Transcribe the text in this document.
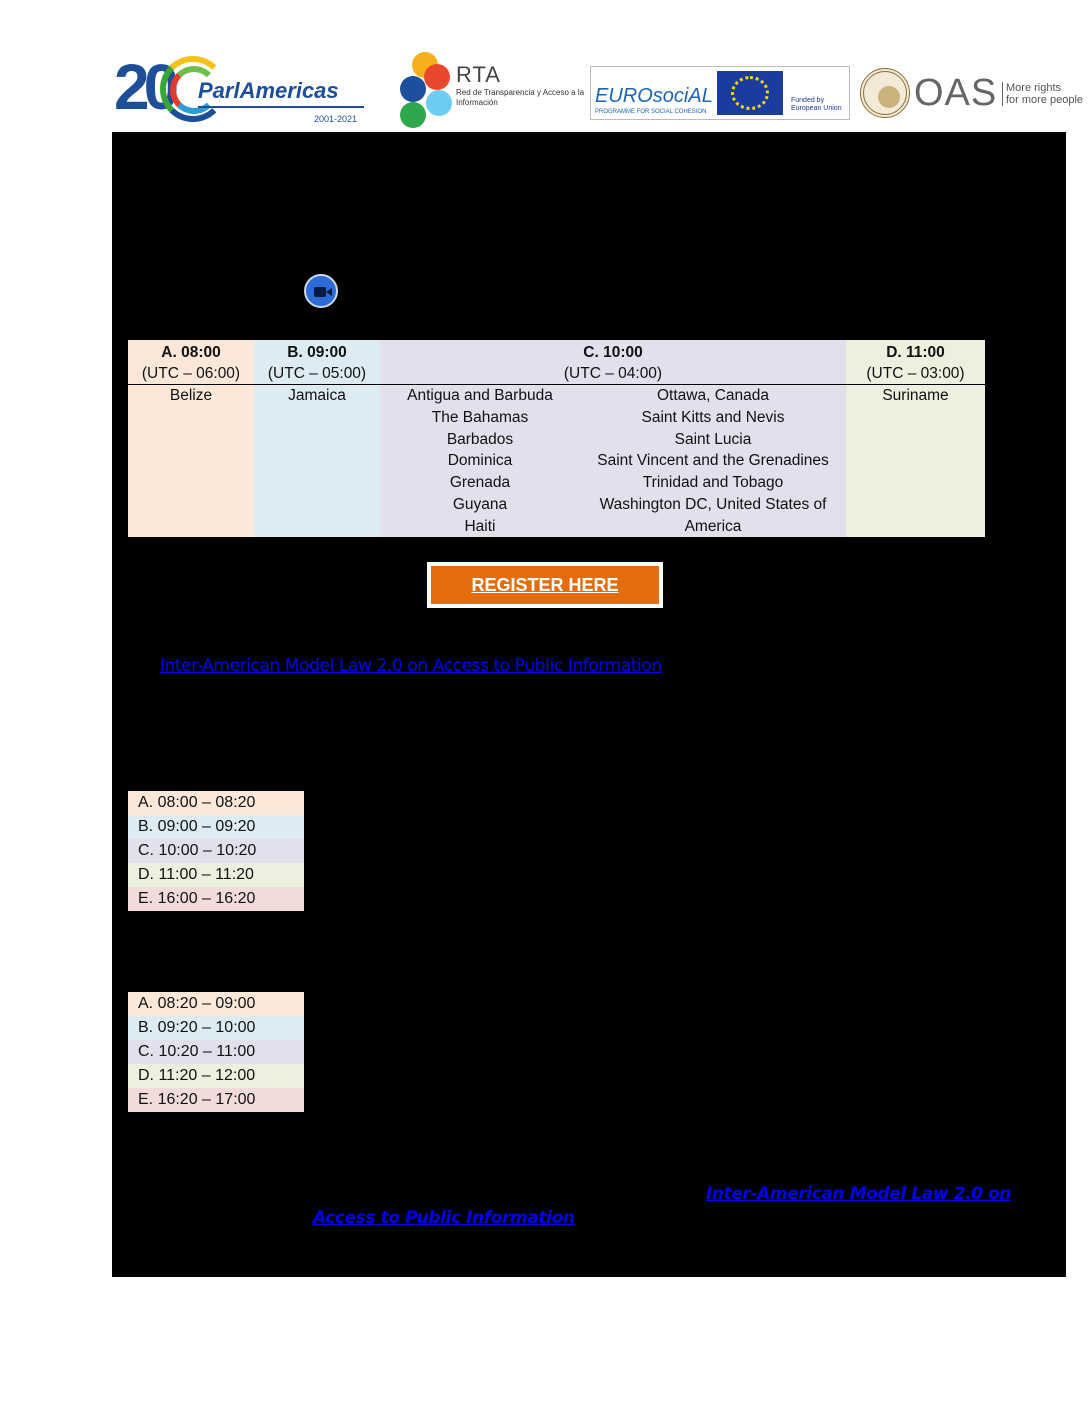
20 ParlAmericas
2001-2021
RTA
Red de Transparencia y Acceso a la Información	EUROsociAL
PROGRAMME FOR SOCIAL COHESION
Funded by European Union OAS More rights
for more people
A. 08:00
(UTC – 06:00)
Belize
B. 09:00
(UTC – 05:00)
Jamaica
C. 10:00
(UTC – 04:00)
Antigua and Barbuda
The Bahamas
Barbados
Dominica
Grenada
Guyana
Haiti
Ottawa, Canada
Saint Kitts and Nevis
Saint Lucia
Saint Vincent and the Grenadines
Trinidad and Tobago
Washington DC, United States of
America
D. 11:00
(UTC – 03:00)
Suriname
REGISTER HERE
Inter-American Model Law 2.0 on Access to Public Information
A. 08:00 – 08:20
B. 09:00 – 09:20
C. 10:00 – 10:20
D. 11:00 – 11:20
E. 16:00 – 16:20
A. 08:20 – 09:00
B. 09:20 – 10:00
C. 10:20 – 11:00
D. 11:20 – 12:00
E. 16:20 – 17:00
Inter-American Model Law 2.0 on
Access to Public Information
